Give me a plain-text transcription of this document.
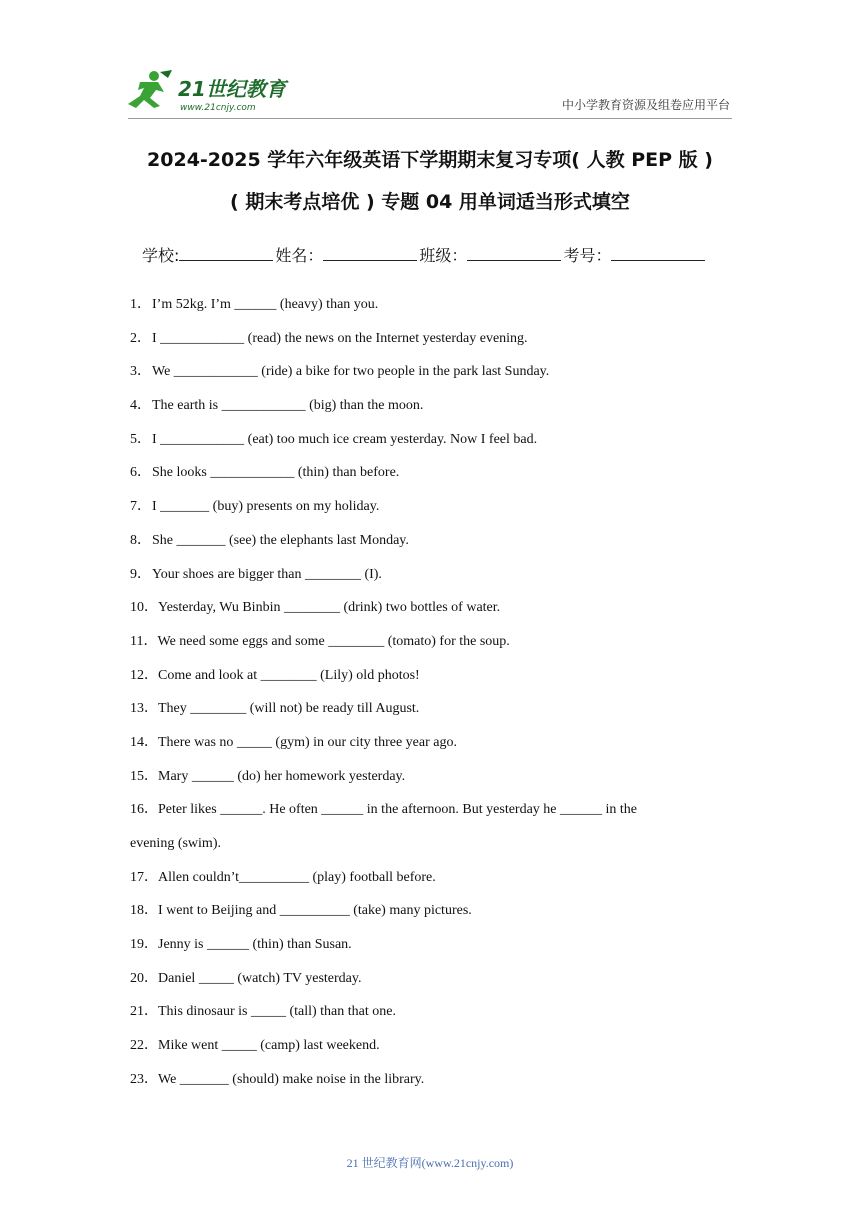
21世纪教育
www.21cnjy.com	中小学教育资源及组卷应用平台
2024-2025 学年六年级英语下学期期末复习专项( 人教 PEP 版 )
( 期末考点培优 ) 专题 04 用单词适当形式填空
学校:	姓名：	班级：	考号：
1．I’m 52kg. I’m ______ (heavy) than you.
2．I ____________ (read) the news on the Internet yesterday evening.
3．We ____________ (ride) a bike for two people in the park last Sunday.
4．The earth is ____________ (big) than the moon.
5．I ____________ (eat) too much ice cream yesterday. Now I feel bad.
6．She looks ____________ (thin) than before.
7．I _______ (buy) presents on my holiday.
8．She _______ (see) the elephants last Monday.
9．Your shoes are bigger than ________ (I).
10．Yesterday, Wu Binbin ________ (drink) two bottles of water.
11．We need some eggs and some ________ (tomato) for the soup.
12．Come and look at ________ (Lily) old photos!
13．They ________ (will not) be ready till August.
14．There was no _____ (gym) in our city three year ago.
15．Mary ______ (do) her homework yesterday.
16．Peter likes ______. He often ______ in the afternoon. But yesterday he ______ in the
evening (swim).
17．Allen couldn’t__________ (play) football before.
18．I went to Beijing and __________ (take) many pictures.
19．Jenny is ______ (thin) than Susan.
20．Daniel _____ (watch) TV yesterday.
21．This dinosaur is _____ (tall) than that one.
22．Mike went _____ (camp) last weekend.
23．We _______ (should) make noise in the library.
21 世纪教育网(www.21cnjy.com)
